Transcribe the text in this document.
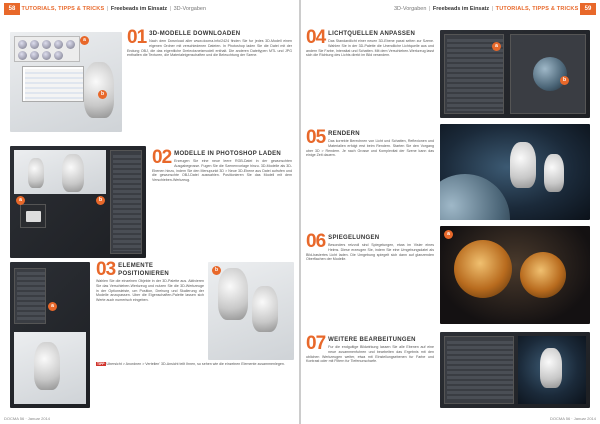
58 TUTORIALS, TIPPS & TRICKS | Freebeads im Einsatz | 3D-Vorgaben	3D-Vorgaben | Freebeads im Einsatz | TUTORIALS, TIPPS & TRICKS 59
a
b
01 3D-MODELLE DOWNLOADEN
Nach dem Download aller www.docma.info/2424 finden Sie fur jedes 3D-Modell einen eigenen Ordner mit verschiedenen Dateien. In Photoshop laden Sie die Datei mit der Endung OBJ, die das eigentliche Dreiecksnetzmodell enthalt. Die anderen Dateitypen MTL und JPG enthalten die Texturen, die Materialeigenschaften und die Beleuchtung der Szene.
a	b
02 MODELLE IN PHOTOSHOP LADEN
Erzeugen Sie eine neue leere RGB-Datei in der gewunschten Ausgabegrosse. Fugen Sie die Szenenvorlage hinzu. 3D-Modelle als 3D-Ebenen hinzu, indem Sie den Menupunkt 3D > Neue 3D-Ebene aus Datei aufrufen und die gewunschte OBJ-Datei auswahlen. Positionieren Sie das Modell mit dem Verschieben-Werkzeug.
a
03 ELEMENTE POSITIONIEREN
Wahlen Sie die einzelnen Objekte in der 3D-Palette aus. Aktivieren Sie das Verschieben-Werkzeug und nutzen Sie die 3D-Werkzeuge in der Optionsleiste, um Position, Drehung und Skalierung der Modelle anzupassen. Uber die Eigenschaften-Palette lassen sich Werte auch numerisch eingeben.
b
TIPP Ubersicht > Anordnen > Verteilen' 3D-Ansicht teilt Ihnen, so sehen wie die einzelnen Elemente zusammenlegen.
04 LICHTQUELLEN ANPASSEN
Das Standardlicht einer neuen 3D-Ebene passt selten zur Szene. Wahlen Sie in der 3D-Palette die Unendliche Lichtquelle aus und andern Sie Farbe, Intensitat und Schatten. Mit dem Verschieben-Werkzeug lasst sich die Richtung des Lichts direkt im Bild verandern.
a
b
05 RENDERN
Das korrekte Berechnen von Licht und Schatten, Reflexionen und Materialien erfolgt erst beim Rendern. Starten Sie den Vorgang uber 3D > Rendern. Je nach Grosse und Komplexitat der Szene kann das einige Zeit dauern.
06 SPIEGELUNGEN
Besonders reizvoll sind Spiegelungen, etwa im Visier eines Helms. Diese erzeugen Sie, indem Sie eine Umgebungsdatei als Bild-basiertes Licht laden. Die Umgebung spiegelt sich dann auf glanzenden Oberflachen der Modelle.
a
07 WEITERE BEARBEITUNGEN
Fur die endgultige Bildwirkung lassen Sie alle Ebenen auf eine neue zusammenfuhren und bearbeiten das Ergebnis mit den ublichen Werkzeugen weiter, etwa mit Einstellungsebenen fur Farbe und Kontrast oder mit Filtern fur Tiefenunscharfe.
DOCMA 56 · Januar 2014	DOCMA 56 · Januar 2014
